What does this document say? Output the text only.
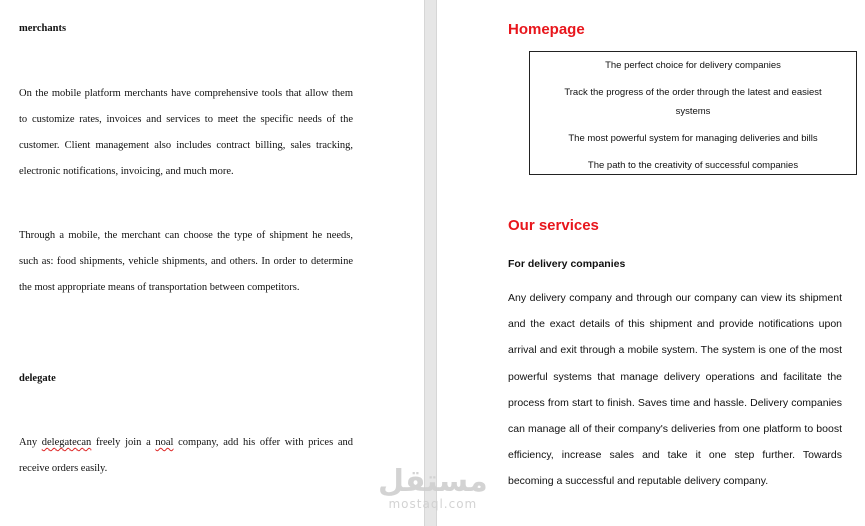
merchants

On the mobile platform merchants have comprehensive tools that allow them to customize rates, invoices and services to meet the specific needs of the customer. Client management also includes contract billing, sales tracking, electronic notifications, invoicing, and much more.

Through a mobile, the merchant can choose the type of shipment he needs, such as: food shipments, vehicle shipments, and others. In order to determine the most appropriate means of transportation between competitors.

delegate

Any delegatecan freely join a noal company, add his offer with prices and receive orders easily.

Homepage
The perfect choice for delivery companies
Track the progress of the order through the latest and easiest
systems
The most powerful system for managing deliveries and bills
The path to the creativity of successful companies
Our services
For delivery companies

Any delivery company and through our company can view its shipment and the exact details of this shipment and provide notifications upon arrival and exit through a mobile system. The system is one of the most powerful systems that manage delivery operations and facilitate the process from start to finish. Saves time and hassle. Delivery companies can manage all of their company's deliveries from one platform to boost efficiency, increase sales and take it one step further. Towards becoming a successful and reputable delivery company.

مستقل
mostaql.com
